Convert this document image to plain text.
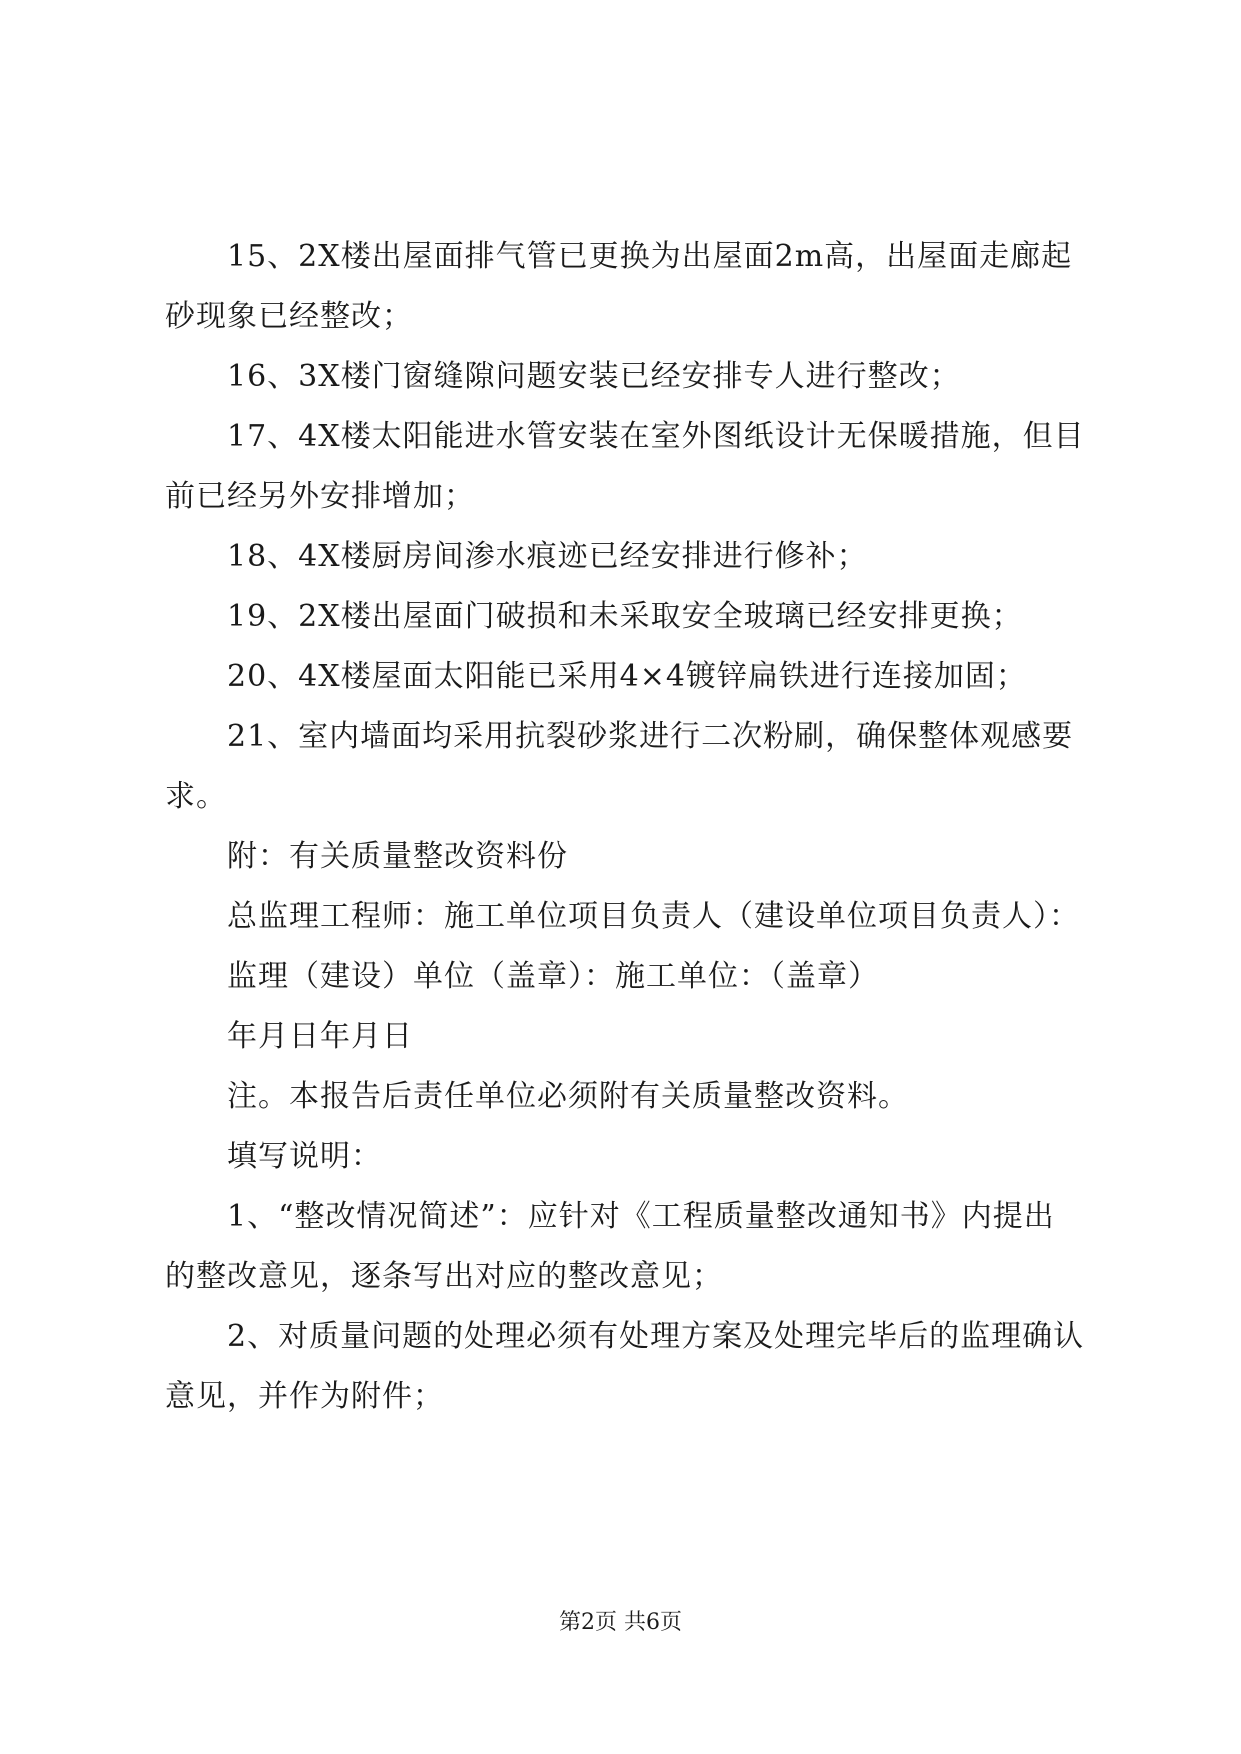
15、2X楼出屋面排气管已更换为出屋面2m高，出屋面走廊起砂现象已经整改；

16、3X楼门窗缝隙问题安装已经安排专人进行整改；

17、4X楼太阳能进水管安装在室外图纸设计无保暖措施，但目前已经另外安排增加；

18、4X楼厨房间渗水痕迹已经安排进行修补；

19、2X楼出屋面门破损和未采取安全玻璃已经安排更换；

20、4X楼屋面太阳能已采用4×4镀锌扁铁进行连接加固；

21、室内墙面均采用抗裂砂浆进行二次粉刷，确保整体观感要求。

附：有关质量整改资料份

总监理工程师：施工单位项目负责人（建设单位项目负责人）：

监理（建设）单位（盖章）：施工单位：（盖章）

年月日年月日

注。本报告后责任单位必须附有关质量整改资料。

填写说明：

1、“整改情况简述”：应针对《工程质量整改通知书》内提出的整改意见，逐条写出对应的整改意见；

2、对质量问题的处理必须有处理方案及处理完毕后的监理确认意见，并作为附件；

第2页 共6页
